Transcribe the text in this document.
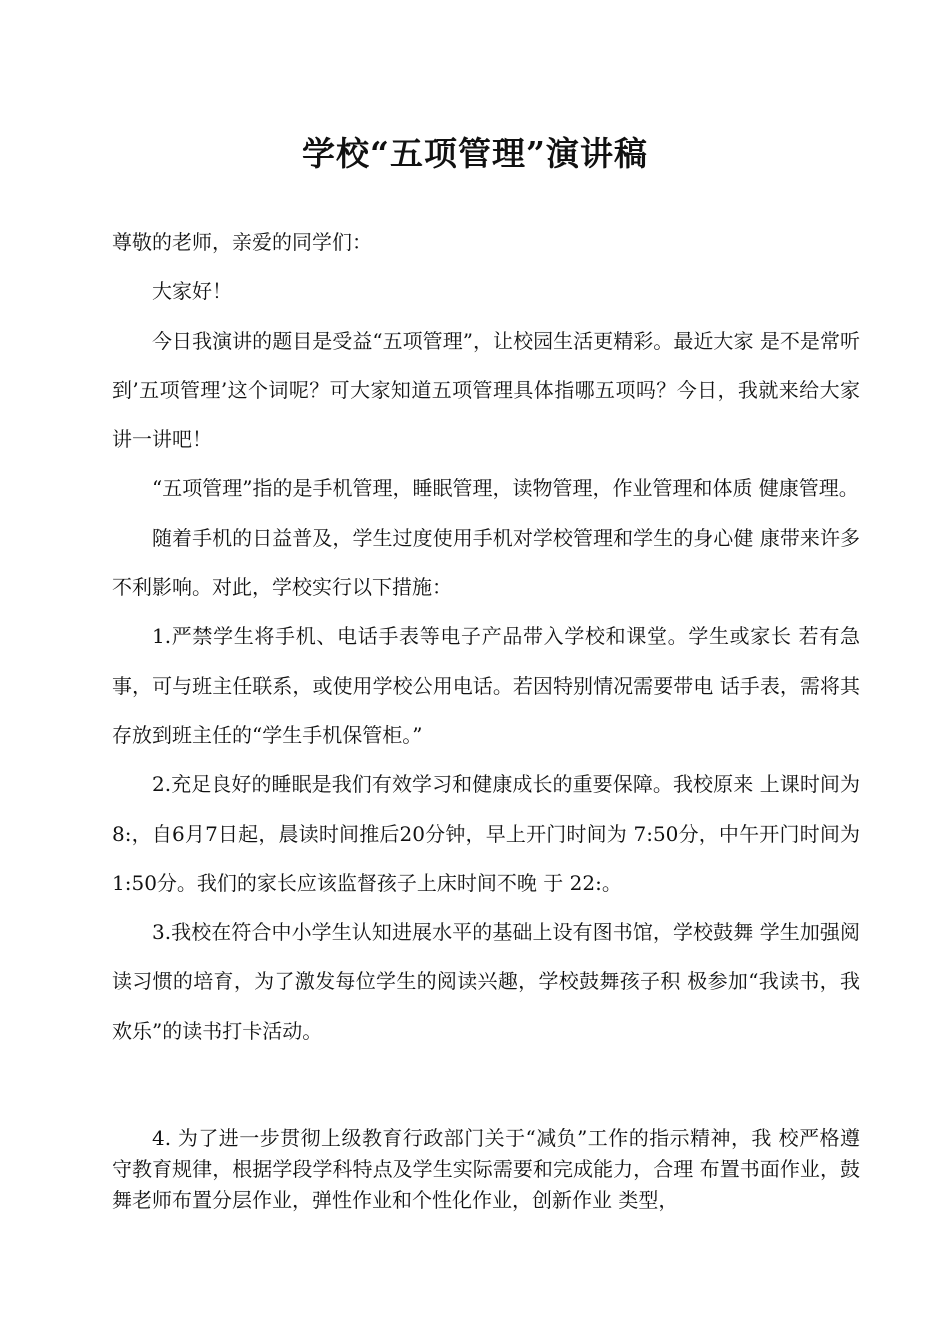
学校“五项管理”演讲稿

尊敬的老师，亲爱的同学们：

大家好！

今日我演讲的题目是受益“五项管理”，让校园生活更精彩。最近大家 是不是常听到’五项管理’这个词呢？可大家知道五项管理具体指哪五项吗？今日，我就来给大家讲一讲吧！

“五项管理”指的是手机管理，睡眠管理，读物管理，作业管理和体质 健康管理。

随着手机的日益普及，学生过度使用手机对学校管理和学生的身心健 康带来许多不利影响。对此，学校实行以下措施：

1.严禁学生将手机、电话手表等电子产品带入学校和课堂。学生或家长 若有急事，可与班主任联系，或使用学校公用电话。若因特别情况需要带电 话手表，需将其存放到班主任的“学生手机保管柜。”

2.充足良好的睡眠是我们有效学习和健康成长的重要保障。我校原来 上课时间为8:，自6月7日起，晨读时间推后20分钟，早上开门时间为 7:50分，中午开门时间为1:50分。我们的家长应该监督孩子上床时间不晚 于 22:。

3.我校在符合中小学生认知进展水平的基础上设有图书馆，学校鼓舞 学生加强阅读习惯的培育，为了激发每位学生的阅读兴趣，学校鼓舞孩子积 极参加“我读书，我欢乐”的读书打卡活动。

4. 为了进一步贯彻上级教育行政部门关于“减负”工作的指示精神，我 校严格遵守教育规律，根据学段学科特点及学生实际需要和完成能力，合理 布置书面作业，鼓舞老师布置分层作业，弹性作业和个性化作业，创新作业 类型，
